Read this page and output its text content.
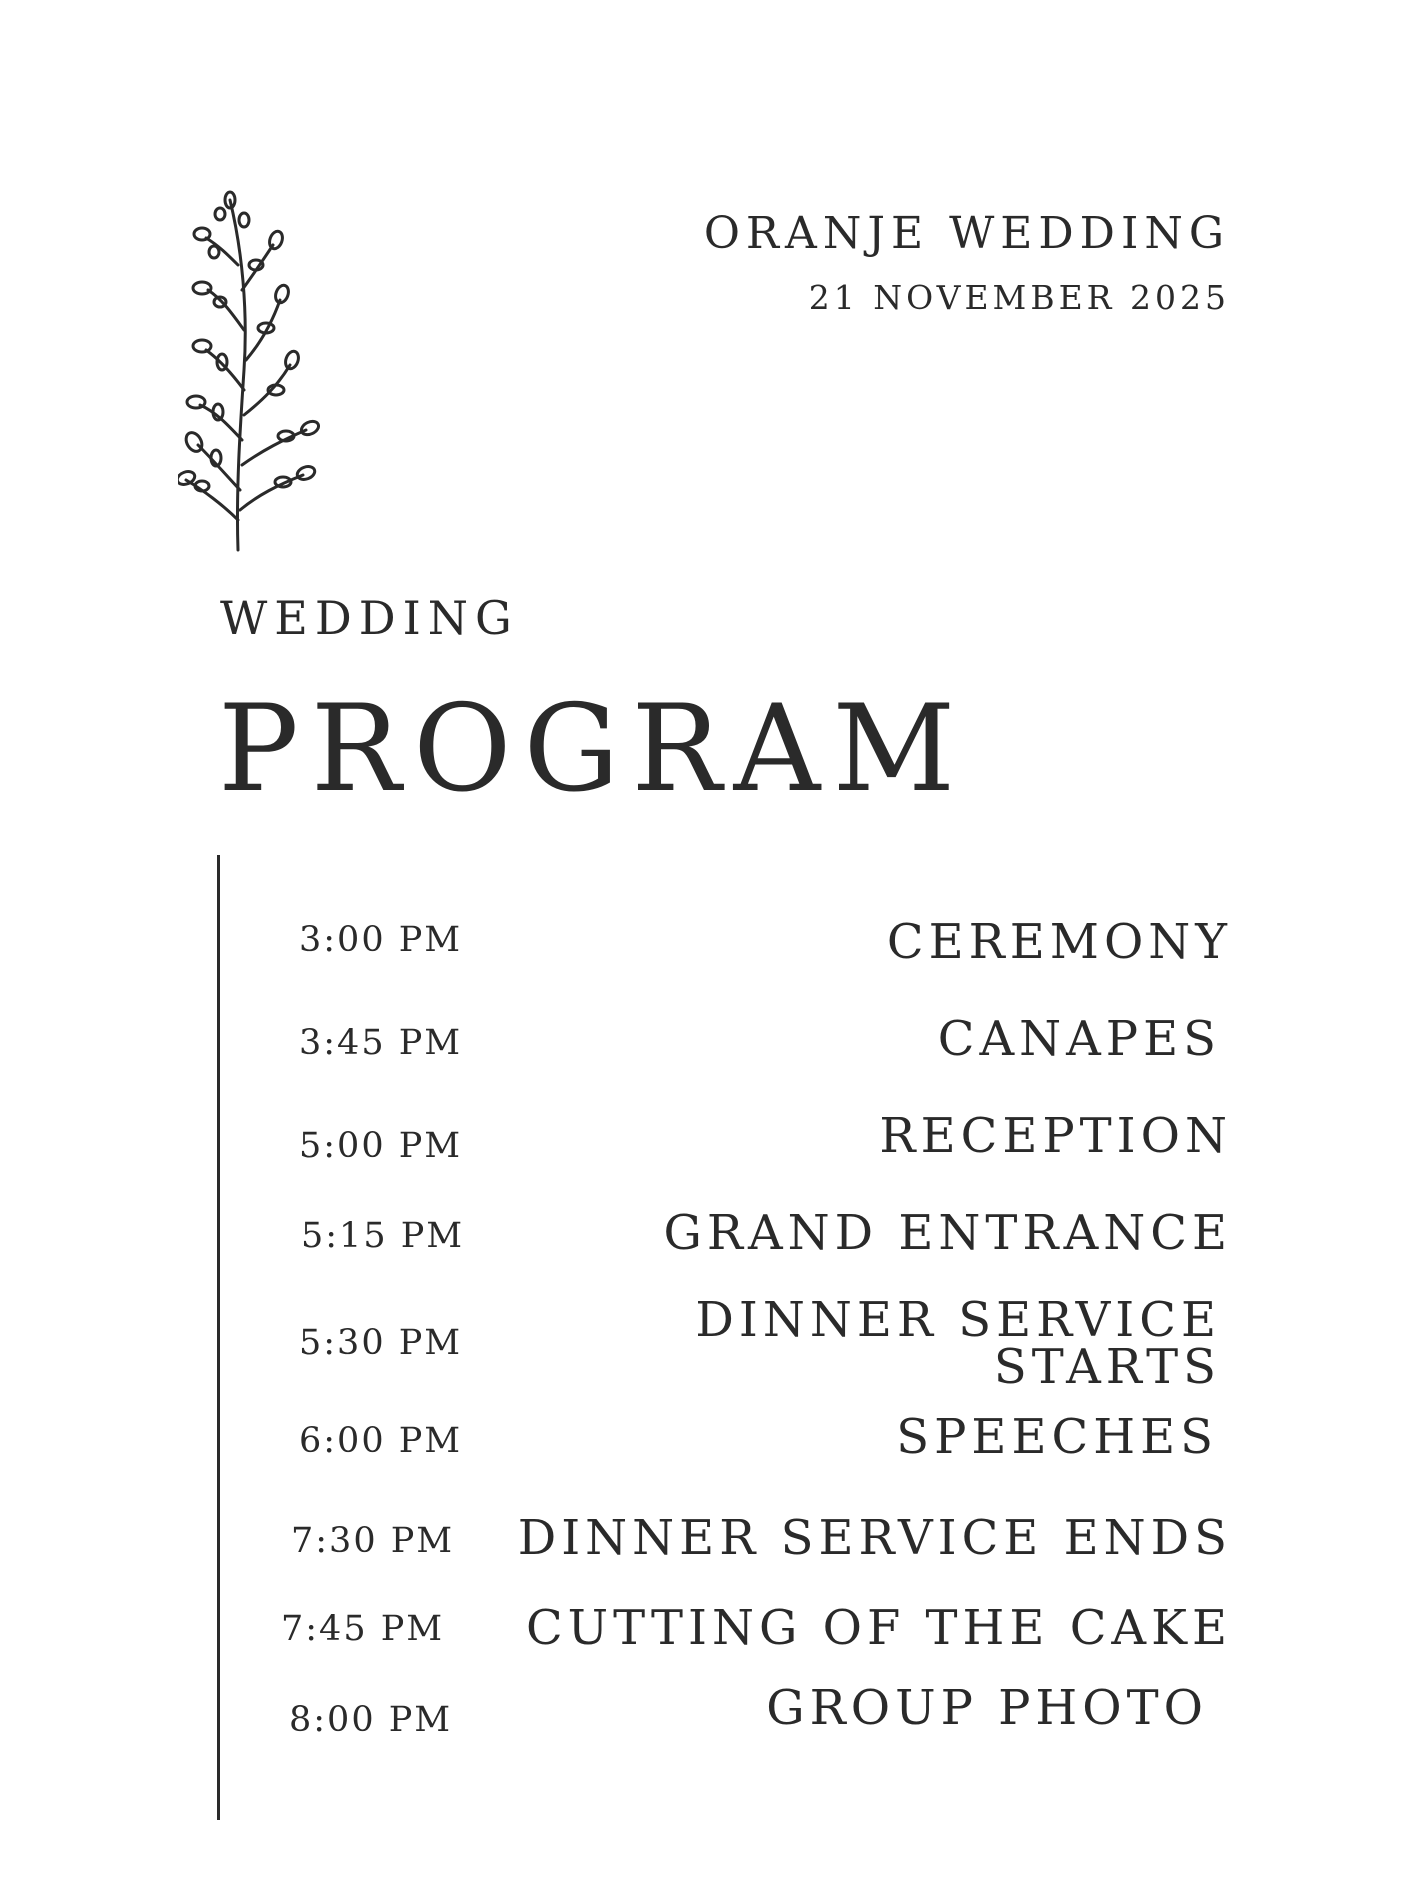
ORANJE WEDDING
21 NOVEMBER 2025
WEDDING
PROGRAM
3:00 PM	CEREMONY
3:45 PM	CANAPES
5:00 PM	RECEPTION
5:15 PM	GRAND ENTRANCE
5:30 PM	DINNER SERVICE
STARTS
6:00 PM	SPEECHES
7:30 PM DINNER SERVICE ENDS
7:45 PM CUTTING OF THE CAKE
8:00 PM	GROUP PHOTO
